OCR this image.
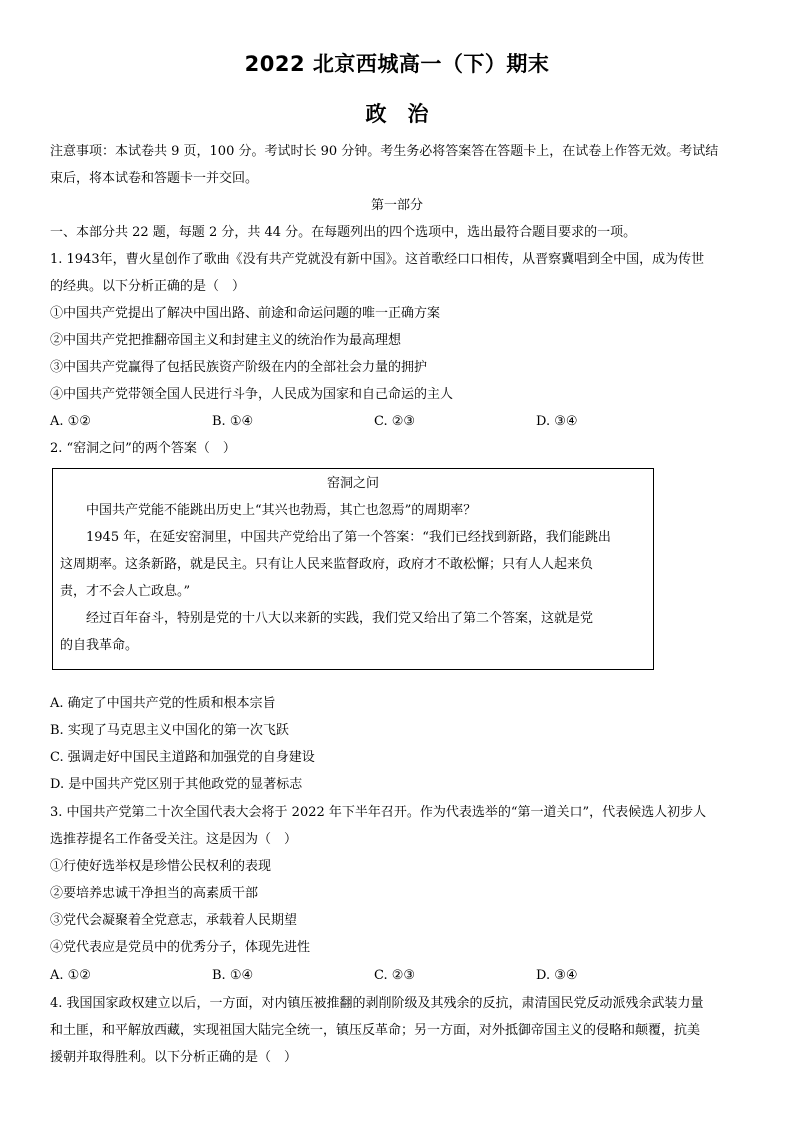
2022 北京西城高一（下）期末
政　治
注意事项：本试卷共 9 页，100 分。考试时长 90 分钟。考生务必将答案答在答题卡上，在试卷上作答无效。考试结
束后，将本试卷和答题卡一并交回。
第一部分
一、本部分共 22 题，每题 2 分，共 44 分。在每题列出的四个选项中，选出最符合题目要求的一项。
1. 1943年，曹火星创作了歌曲《没有共产党就没有新中国》。这首歌经口口相传，从晋察冀唱到全中国，成为传世
的经典。以下分析正确的是（　）
①中国共产党提出了解决中国出路、前途和命运问题的唯一正确方案
②中国共产党把推翻帝国主义和封建主义的统治作为最高理想
③中国共产党赢得了包括民族资产阶级在内的全部社会力量的拥护
④中国共产党带领全国人民进行斗争，人民成为国家和自己命运的主人
A. ①②	B. ①④	C. ②③	D. ③④
2. “窑洞之问”的两个答案（　）
窑洞之问
中国共产党能不能跳出历史上“其兴也勃焉，其亡也忽焉”的周期率？
1945 年，在延安窑洞里，中国共产党给出了第一个答案：“我们已经找到新路，我们能跳出
这周期率。这条新路，就是民主。只有让人民来监督政府，政府才不敢松懈；只有人人起来负
责，才不会人亡政息。”
经过百年奋斗，特别是党的十八大以来新的实践，我们党又给出了第二个答案，这就是党
的自我革命。
A. 确定了中国共产党的性质和根本宗旨
B. 实现了马克思主义中国化的第一次飞跃
C. 强调走好中国民主道路和加强党的自身建设
D. 是中国共产党区别于其他政党的显著标志
3. 中国共产党第二十次全国代表大会将于 2022 年下半年召开。作为代表选举的“第一道关口”，代表候选人初步人
选推荐提名工作备受关注。这是因为（　）
①行使好选举权是珍惜公民权利的表现
②要培养忠诚干净担当的高素质干部
③党代会凝聚着全党意志，承载着人民期望
④党代表应是党员中的优秀分子，体现先进性
A. ①②	B. ①④	C. ②③	D. ③④
4. 我国国家政权建立以后，一方面，对内镇压被推翻的剥削阶级及其残余的反抗，肃清国民党反动派残余武装力量
和土匪，和平解放西藏，实现祖国大陆完全统一，镇压反革命；另一方面，对外抵御帝国主义的侵略和颠覆，抗美
援朝并取得胜利。以下分析正确的是（　）
